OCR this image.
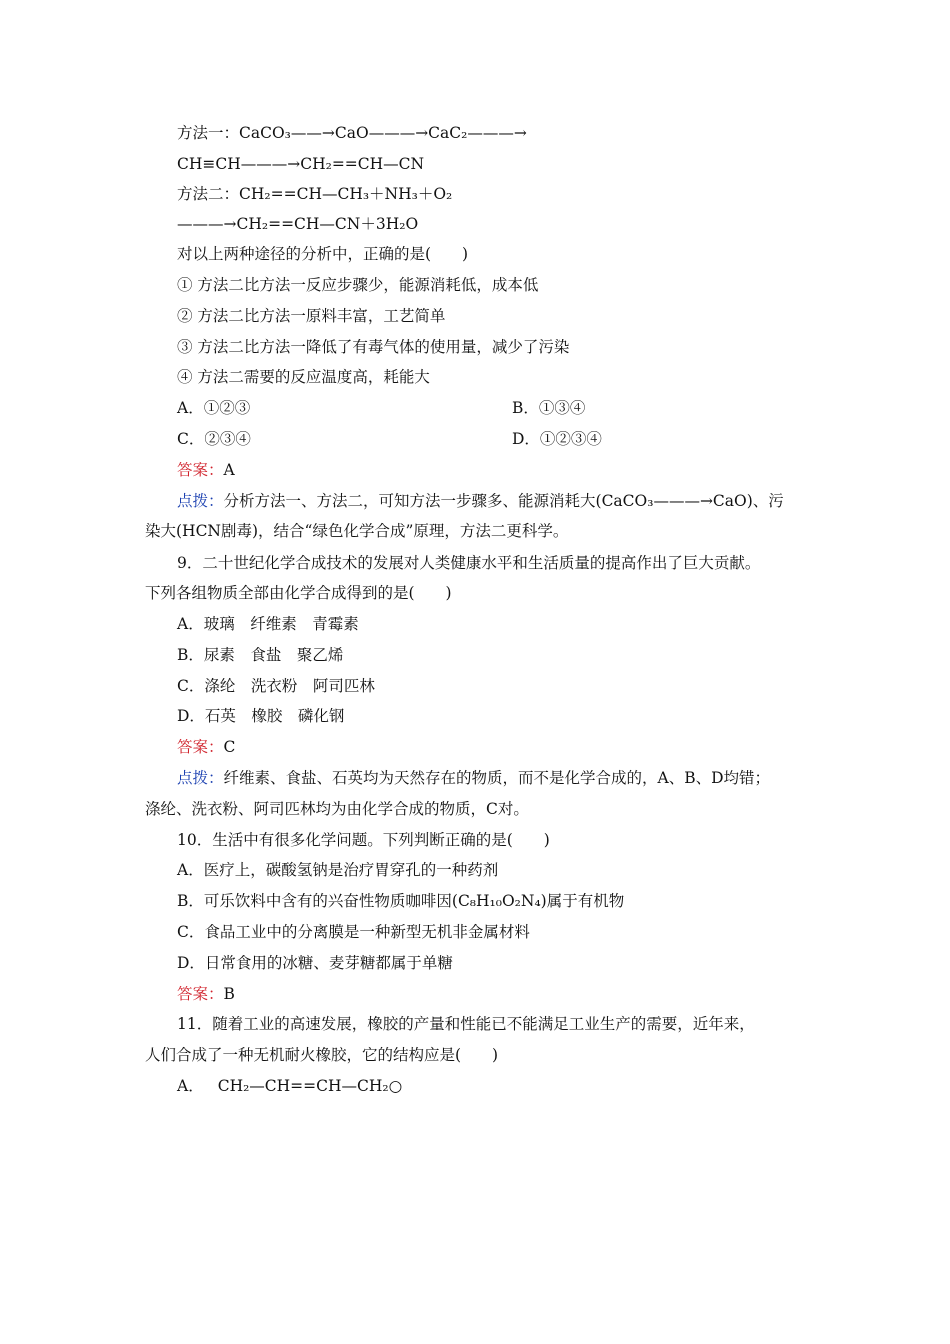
方法一：CaCO₃——→CaO———→CaC₂———→
CH≡CH———→CH₂==CH—CN
方法二：CH₂==CH—CH₃＋NH₃＋O₂
———→CH₂==CH—CN＋3H₂O
对以上两种途径的分析中，正确的是(　　)
① 方法二比方法一反应步骤少，能源消耗低，成本低
② 方法二比方法一原料丰富，工艺简单
③ 方法二比方法一降低了有毒气体的使用量，减少了污染
④ 方法二需要的反应温度高，耗能大
A．①②③	B．①③④
C．②③④	D．①②③④
答案：A
点拨：分析方法一、方法二，可知方法一步骤多、能源消耗大(CaCO₃———→CaO)、污
染大(HCN剧毒)，结合“绿色化学合成”原理，方法二更科学。
9．二十世纪化学合成技术的发展对人类健康水平和生活质量的提高作出了巨大贡献。
下列各组物质全部由化学合成得到的是(　　)
A．玻璃　纤维素　青霉素
B．尿素　食盐　聚乙烯
C．涤纶　洗衣粉　阿司匹林
D．石英　橡胶　磷化钢
答案：C
点拨：纤维素、食盐、石英均为天然存在的物质，而不是化学合成的，A、B、D均错；
涤纶、洗衣粉、阿司匹林均为由化学合成的物质，C对。
10．生活中有很多化学问题。下列判断正确的是(　　)
A．医疗上，碳酸氢钠是治疗胃穿孔的一种药剂
B．可乐饮料中含有的兴奋性物质咖啡因(C₈H₁₀O₂N₄)属于有机物
C．食品工业中的分离膜是一种新型无机非金属材料
D．日常食用的冰糖、麦芽糖都属于单糖
答案：B
11．随着工业的高速发展，橡胶的产量和性能已不能满足工业生产的需要，近年来，
人们合成了一种无机耐火橡胶，它的结构应是(　　)
A． CH₂—CH==CH—CH₂○
